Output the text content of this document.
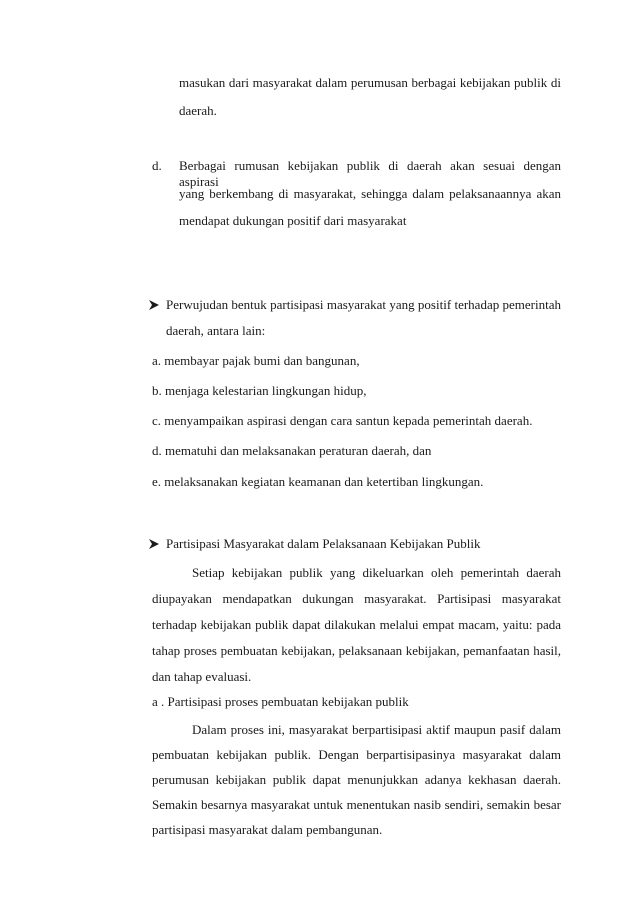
masukan dari masyarakat dalam perumusan berbagai kebijakan publik di
daerah.
d. Berbagai rumusan kebijakan publik di daerah akan sesuai dengan aspirasi
yang berkembang di masyarakat, sehingga dalam pelaksanaannya akan
mendapat dukungan positif dari masyarakat
Perwujudan bentuk partisipasi masyarakat yang positif terhadap pemerintah
daerah, antara lain:
a. membayar pajak bumi dan bangunan,
b. menjaga kelestarian lingkungan hidup,
c. menyampaikan aspirasi dengan cara santun kepada pemerintah daerah.
d. mematuhi dan melaksanakan peraturan daerah, dan
e. melaksanakan kegiatan keamanan dan ketertiban lingkungan.
Partisipasi Masyarakat dalam Pelaksanaan Kebijakan Publik
Setiap kebijakan publik yang dikeluarkan oleh pemerintah daerah
diupayakan mendapatkan dukungan masyarakat. Partisipasi masyarakat
terhadap kebijakan publik dapat dilakukan melalui empat macam, yaitu: pada
tahap proses pembuatan kebijakan, pelaksanaan kebijakan, pemanfaatan hasil,
dan tahap evaluasi.
a . Partisipasi proses pembuatan kebijakan publik
Dalam proses ini, masyarakat berpartisipasi aktif maupun pasif dalam
pembuatan kebijakan publik. Dengan berpartisipasinya masyarakat dalam
perumusan kebijakan publik dapat menunjukkan adanya kekhasan daerah.
Semakin besarnya masyarakat untuk menentukan nasib sendiri, semakin besar
partisipasi masyarakat dalam pembangunan.
